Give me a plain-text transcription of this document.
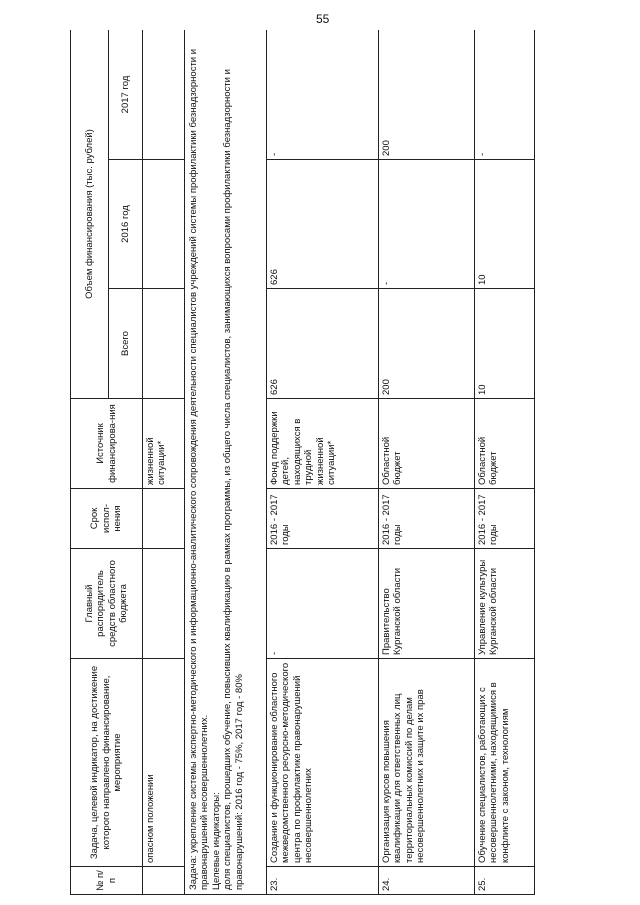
55
№ п/п	Задача, целевой индикатор, на достижение которого направлено финансирование, мероприятие	Главный распорядитель средств областного бюджета	Срок испол-нения	Источник финансирова-ния	Объем финансирования (тыс. рублей)		
					Всего	2016 год	2017 год
	опасном положении			жизненной ситуации*			

Задача: укрепление системы экспертно-методического и информационно-аналитического сопровождения деятельности специалистов учреждений системы профилактики безнадзорности и правонарушений несовершеннолетних. Целевые индикаторы: доля специалистов, прошедших обучение, повысивших квалификацию в рамках программы, из общего числа специалистов, занимающихся вопросами профилактики безнадзорности и правонарушений: 2016 год - 75%, 2017 год - 80%							

23.	Создание и функционирование областного межведомственного ресурсно-методического центра по профилактике правонарушений несовершеннолетних	-	2016 - 2017 годы	Фонд поддержки детей, находящихся в трудной жизненной ситуации*	626	626	-
24.	Организация курсов повышения квалификации для ответственных лиц территориальных комиссий по делам несовершеннолетних и защите их прав	Правительство Курганской области	2016 - 2017 годы	Областной бюджет	200	-	200
25.	Обучение специалистов, работающих с несовершеннолетними, находящимися в конфликте с законом, технологиям	Управление культуры Курганской области	2016 - 2017 годы	Областной бюджет	10	10	-
